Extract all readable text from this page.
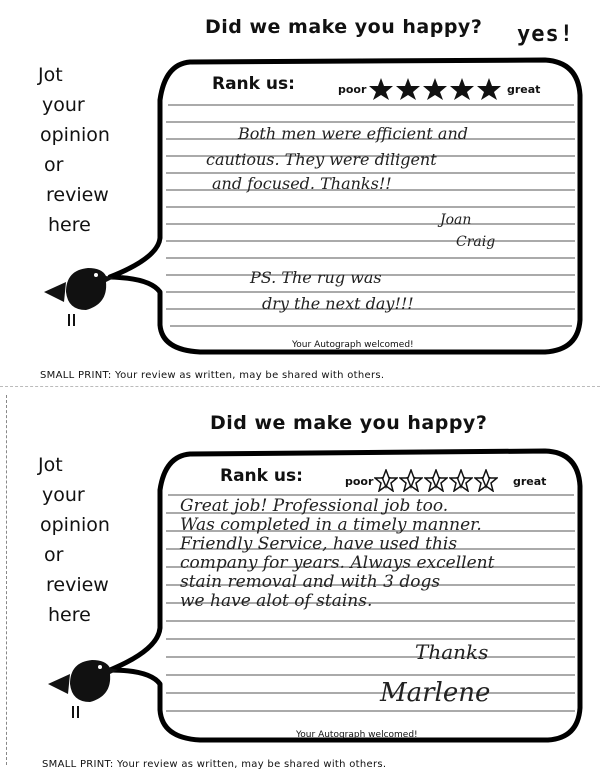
Did we make you happy? yes!
Jot
your
opinion
or
review
here
Rank us:	poor	great
Both men were efficient and
cautious. They were diligent
and focused. Thanks!!
Joan
Craig
PS. The rug was
dry the next day!!!
Your Autograph welcomed!
SMALL PRINT: Your review as written, may be shared with others.
Did we make you happy?
Jot
your
opinion
or
review
here
Rank us:	poor	great
Great job! Professional job too.
Was completed in a timely manner.
Friendly Service, have used this
company for years. Always excellent
stain removal and with 3 dogs
we have alot of stains.
Thanks
Marlene
Your Autograph welcomed!
SMALL PRINT: Your review as written, may be shared with others.
